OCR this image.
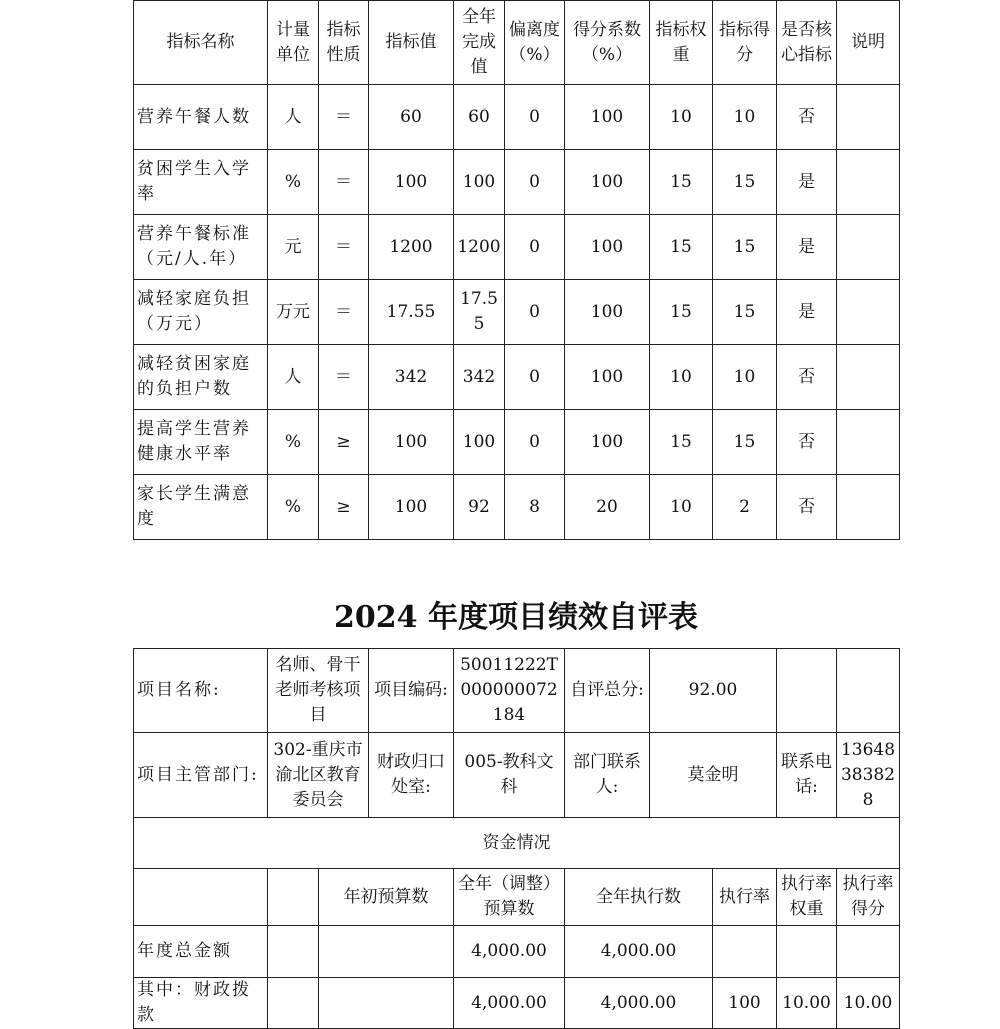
指标名称	计量单位	指标性质	指标值	全年完成值	偏离度（%）	得分系数（%）	指标权重	指标得分	是否核心指标	说明
营养午餐人数	人	＝	60	60	0	100	10	10	否	
贫困学生入学率	%	＝	100	100	0	100	15	15	是	
营养午餐标准（元/人.年）	元	＝	1200	1200	0	100	15	15	是	
减轻家庭负担（万元）	万元	＝	17.55	17.55	0	100	15	15	是	
减轻贫困家庭的负担户数	人	＝	342	342	0	100	10	10	否	
提高学生营养健康水平率	%	≥	100	100	0	100	15	15	否	
家长学生满意度	%	≥	100	92	8	20	10	2	否	
2024 年度项目绩效自评表
项目名称:	名师、骨干老师考核项目		项目编码:	50011222T000000072184	自评总分:	92.00			
项目主管部门:	302-重庆市渝北区教育委员会		财政归口处室:	005-教科文科	部门联系人:	莫金明		联系电话:	13648383828
资金情况									
		年初预算数		全年（调整）预算数	全年执行数		执行率	执行率权重	执行率得分
年度总金额				4,000.00	4,000.00				
其中：财政拨款				4,000.00	4,000.00		100	10.00	10.00
